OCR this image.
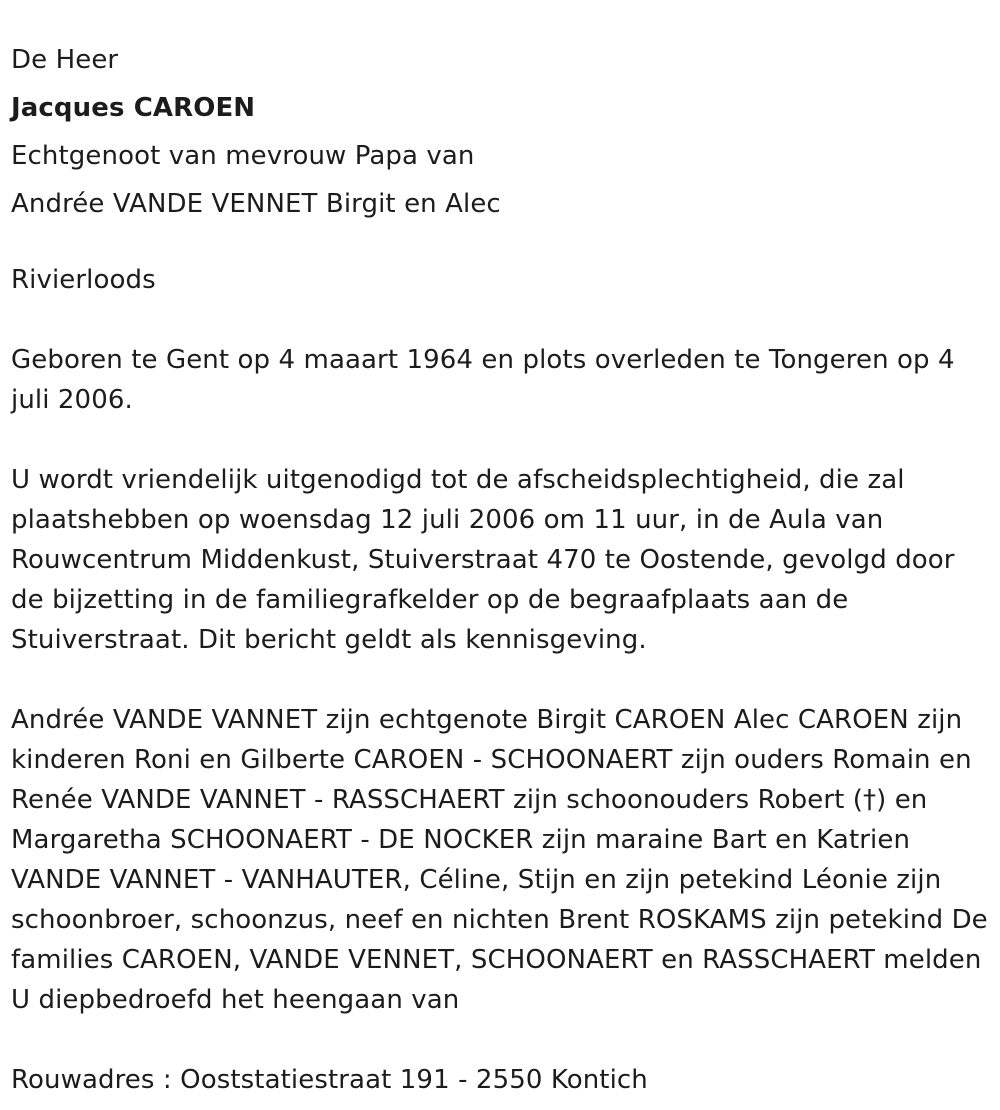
De Heer
Jacques CAROEN
Echtgenoot van mevrouw Papa van
Andrée VANDE VENNET Birgit en Alec
Rivierloods
Geboren te Gent op 4 maaart 1964 en plots overleden te Tongeren op 4 juli 2006.
U wordt vriendelijk uitgenodigd tot de afscheidsplechtigheid, die zal plaatshebben op woensdag 12 juli 2006 om 11 uur, in de Aula van Rouwcentrum Middenkust, Stuiverstraat 470 te Oostende, gevolgd door de bijzetting in de familiegrafkelder op de begraafplaats aan de Stuiverstraat. Dit bericht geldt als kennisgeving.
Andrée VANDE VANNET zijn echtgenote Birgit CAROEN Alec CAROEN zijn kinderen Roni en Gilberte CAROEN - SCHOONAERT zijn ouders Romain en Renée VANDE VANNET - RASSCHAERT zijn schoonouders Robert (†) en Margaretha SCHOONAERT - DE NOCKER zijn maraine Bart en Katrien VANDE VANNET - VANHAUTER, Céline, Stijn en zijn petekind Léonie zijn schoonbroer, schoonzus, neef en nichten Brent ROSKAMS zijn petekind De families CAROEN, VANDE VENNET, SCHOONAERT en RASSCHAERT melden U diepbedroefd het heengaan van
Rouwadres : Ooststatiestraat 191 - 2550 Kontich
